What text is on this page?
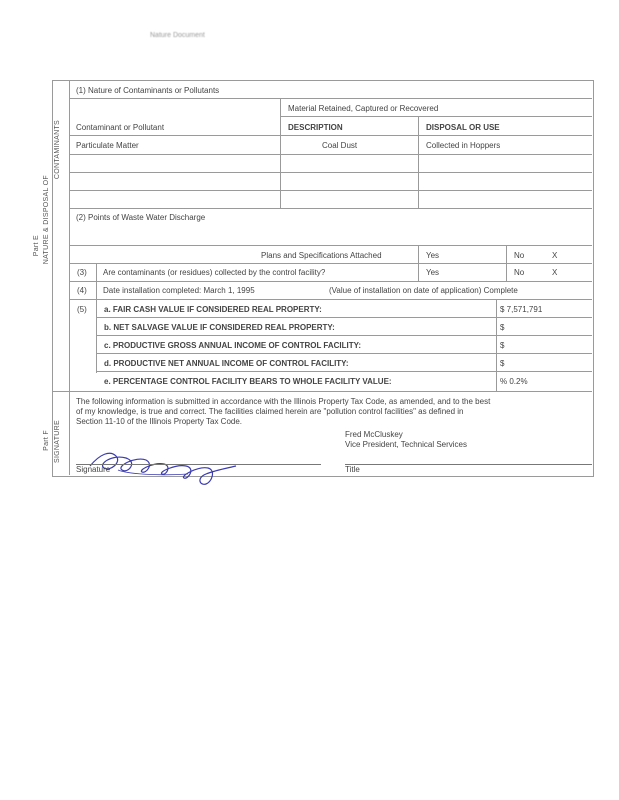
Nature Document
CONTAMINANTS
NATURE & DISPOSAL OF
Part E
SIGNATURE
Part F
(1) Nature of Contaminants or Pollutants
Material Retained, Captured or Recovered
Contaminant or Pollutant	DESCRIPTION	DISPOSAL OR USE
Particulate Matter	Coal Dust	Collected in Hoppers
(2) Points of Waste Water Discharge
Plans and Specifications Attached	Yes	No	X
(3) Are contaminants (or residues) collected by the control facility?	Yes	No	X
(4) Date installation completed: March 1, 1995	(Value of installation on date of application) Complete
(5) a. FAIR CASH VALUE IF CONSIDERED REAL PROPERTY:	$ 7,571,791
b. NET SALVAGE VALUE IF CONSIDERED REAL PROPERTY:	$
c. PRODUCTIVE GROSS ANNUAL INCOME OF CONTROL FACILITY:	$
d. PRODUCTIVE NET ANNUAL INCOME OF CONTROL FACILITY:	$
e. PERCENTAGE CONTROL FACILITY BEARS TO WHOLE FACILITY VALUE:	% 0.2%
The following information is submitted in accordance with the Illinois Property Tax Code, as amended, and to the best
of my knowledge, is true and correct. The facilities claimed herein are "pollution control facilities" as defined in
Section 11-10 of the Illinois Property Tax Code.
Fred McCluskey
Vice President, Technical Services
Signature	Title
